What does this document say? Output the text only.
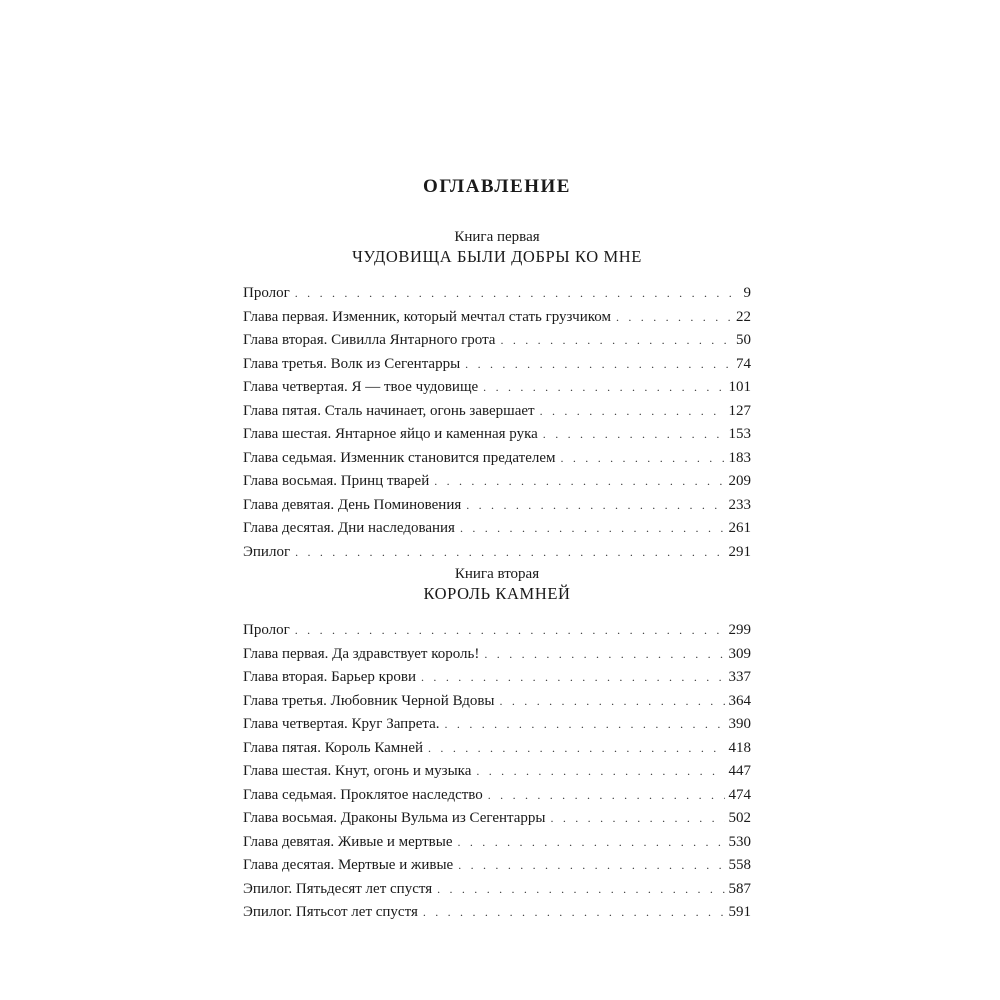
ОГЛАВЛЕНИЕ
Книга первая
ЧУДОВИЩА БЫЛИ ДОБРЫ КО МНЕ
Пролог . . .	9
Глава первая. Изменник, который мечтал стать грузчиком . . .	22
Глава вторая. Сивилла Янтарного грота . . .	50
Глава третья. Волк из Сегентарры . . .	74
Глава четвертая. Я — твое чудовище . . .	101
Глава пятая. Сталь начинает, огонь завершает . . .	127
Глава шестая. Янтарное яйцо и каменная рука . . .	153
Глава седьмая. Изменник становится предателем . . .	183
Глава восьмая. Принц тварей . . .	209
Глава девятая. День Поминовения . . .	233
Глава десятая. Дни наследования . . .	261
Эпилог . . .	291
Книга вторая
КОРОЛЬ КАМНЕЙ
Пролог . . .	299
Глава первая. Да здравствует король! . . .	309
Глава вторая. Барьер крови . . .	337
Глава третья. Любовник Черной Вдовы . . .	364
Глава четвертая. Круг Запрета. . . .	390
Глава пятая. Король Камней . . .	418
Глава шестая. Кнут, огонь и музыка . . .	447
Глава седьмая. Проклятое наследство . . .	474
Глава восьмая. Драконы Вульма из Сегентарры . . .	502
Глава девятая. Живые и мертвые . . .	530
Глава десятая. Мертвые и живые . . .	558
Эпилог. Пятьдесят лет спустя . . .	587
Эпилог. Пятьсот лет спустя . . .	591
